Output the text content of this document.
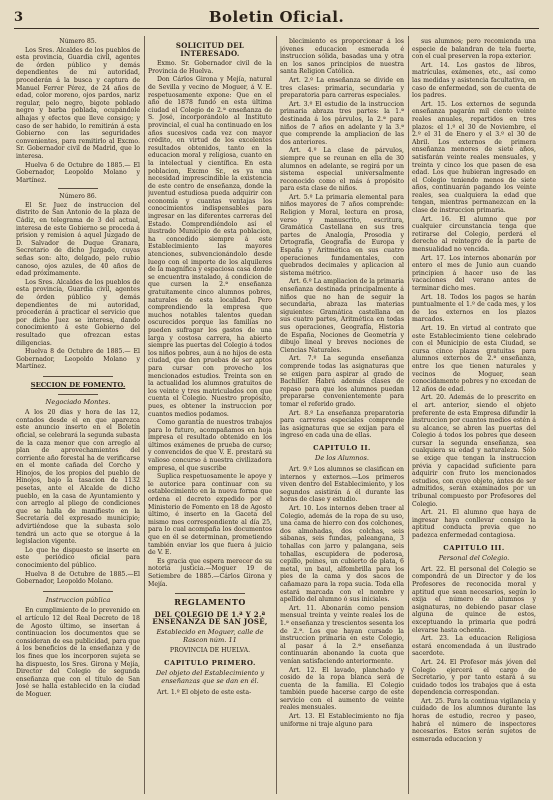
3	Boletin Oficial.

Número 85.

Los Sres. Alcaldes de los pueblos de esta provincia, Guardia civil, agentes de órden público y demás dependientes de mi autoridad, procederán á la busca y captura de Manuel Ferrer Pérez, de 24 años de edad, color moreno, ojos pardos, nariz regular, pelo negro, bigote poblado negro y barba poblada, ocupándole alhajas y efectos que lleve consigo; y caso de ser habido, lo remitirán á esta Gobierno con las seguridades convenientes, para remitirlo al Excmo. Sr. Gobernador civil de Madrid, que lo interesa.

Huelva 6 de Octubre de 1885.— El Gobernador, Leopoldo Molano y Martínez.

Número 86.

El Sr. Juez de instruccion del distrito de San Antonio de la plaza de Cádiz, en telegrama de 3 del actual, interesa de este Gobierno se proceda á prision y remision á aquel Juzgado de D. Salvador de Duque Granara, Secretario de dicho Juzgado, cuyas señas son: alto, delgado, pelo rubio canoso, ojos azules, de 40 años de edad próximamente.

Los Sres. Alcaldes de los pueblos de esta provincia, Guardia civil, agentes de órden público y demás dependientes de mi autoridad, procederán á practicar el servicio que por dicho Juez se interesa, dando conocimiento á este Gobierno del resultado que ofrezcan estas diligencias.

Huelva 8 de Octubre de 1885.— El Gobernador, Leopoldo Molano y Martínez.

SECCION DE FOMENTO.
Negociado Montes.

A los 20 dias y hora de las 12, contados desde el en que aparezca este anuncio inserto en el Boletín oficial, se celebrará la segunda subasta de la caza menor que con arreglo al plan de aprovechamientos del corriente año forestal ha de verificarse en el monte cañada del Corcho y Hinojos, de los propios del pueblo de Hinojos, bajo la tasacion de 1132 pesetas, ante el Alcalde de dicho pueblo, en la casa de Ayuntamiento y con arreglo al pliego de condiciones que se halla de manifiesto en la Secretaría del expresado municipio; advirtiéndose que la subasta solo tendrá un acto que se otorgue á la legislacion vigente.

Lo que he dispuesto se inserte en este periódico oficial para conocimiento del público.

Huelva 8 de Octubre de 1885.—El Gobernador, Leopoldo Molano.

Instruccion pública

En cumplimiento de lo prevenido en el artículo 12 del Real Decreto de 18 de Agosto último, se insertan á continuacion los documentos que se consideran de esa publicidad, para que á los beneficios de la enseñanza y de los fines que los incorporen sujeta se ha dispuesto, los Sres. Girona y Mejía, Director del Colegio de segunda enseñanza que con el título de San José se halla establecido en la ciudad de Moguer.

SOLICITUD DEL INTERESADO.

Exmo. Sr. Gobernador civil de la Provincia de Huelva.

Don Cárlos Girona y Mejía, natural de Sevilla y vecino de Moguer, á V. E. respetuosamente expone: Que en el año de 1878 fundó en esta última ciudad el Colegio de 2.ª enseñanza de S. José, incorporándolo al Instituto provincial, el cual ha continuado en los años sucesivos cada vez con mayor crédito, en virtud de los excelentes resultados obtenidos, tanto en la educacion moral y religiosa, cuanto en la intelectual y científica. En esta poblacion, Excmo Sr., es ya una necesidad imprescindible la existencia de este centro de enseñanza, donde la juventud estudiosa pueda adquirir con economía y cuantas ventajas los conocimientos indispensables para ingresar en las diferentes carreras del Estado. Comprendiéndolo así el ilustrado Municipio de esta poblacion, ha concedido siempre á este Establecimiento las mayores atenciones, subvencionándolo desde luego con el importe de los alquileres de la magnífica y espaciosa casa donde se encuentra instalado, á condicion de que cursen la 2.ª enseñanza gratuitamente cinco alumnos pobres, naturales de esta localidad. Pero comprendiendo la empresa que muchos notables talentos quedan oscurecidos porque las familias no pueden sufragar los gastos de una larga y costosa carrera, ha abierto siempre las puertas del Colegio á todos los niños pobres, aun á no hijos de esta ciudad, que den pruebas de ser aptos para cursar con provecho los mencionados estudios. Treinta son en la actualidad los alumnos gratuitos de los veinte y tres matriculados con que cuenta el Colegio. Nuestro propósito, pues, es obtener la instruccion por cuantos medios podamos.

Como garantía de nuestros trabajos para lo futuro, acompañamos en hoja impresa el resultado obtenido en los últimos exámenes de prueba de curso; y convencidos de que V. E. prestará su valioso concurso á nuestra civilizadora empresa, el que suscribe

Suplica respetuosamente le apoye y le autorice para continuar con su establecimiento en la nueva forma que ordena el decreto expedido por el Ministerio de Fomento en 18 de Agosto último, é inserto en la Gaceta del mismo mes correspondiente al día 25, para lo cual acompaña los documentos que en él se determinan, prometiendo también enviar los que fuera á juicio de V. E.

Es gracia que espera merecer de su notoria justicia.—Moguer 19 de Setiembre de 1885.—Cárlos Girona y Mejía.

REGLAMENTO
DEL COLEGIO DE 1.ª Y 2.ª ENSEÑANZA DE SAN JOSÉ,
Establecido en Moguer, calle de Rascon núm. 11

PROVINCIA DE HUELVA.

CAPITULO PRIMERO.
Del objeto del Establecimiento y enseñanzas que se dan en él.

Art. 1.º El objeto de este esta-

blecimiento es proporcionar á los jóvenes educacion esmerada é instruccion sólida, basadas una y otra en los sanos principios de nuestra santa Religion Católica.

Art. 2.º La enseñanza se divide en tres clases: primaria, secundaria y preparatoria para carreras especiales.

Art. 3.º El estudio de la instruccion primaria abraza tres partes: la 1.ª destinada á los párvulos, la 2.ª para niños de 7 años en adelante y la 3.ª que comprende la ampliacion de las dos anteriores.

Art. 4.º La clase de párvulos, siempre que se reunan en ella de 30 alumnos en adelante, se regirá por un sistema especial universalmente reconocido como el más á propósito para esta clase de niños.

Art. 5.º La primaria elemental para niños mayores de 7 años comprende: Religion y Moral, lectura en prosa, verso y manuscrito, escritura, Gramática Castellana en sus tres partes de Analogía, Prosodia y Ortografía, Geografía de Europa y España y Aritmética en sus cuatro operaciones fundamentales, con quebrados decimales y aplicacion al sistema métrico.

Art. 6.º La ampliacion de la primaria enseñanza destinada principalmente á niños que no han de seguir la secundaria, abraza las materias siguientes: Gramática castellana en sus cuatro partes, Aritmética en todas sus operaciones, Geografía, Historia de España, Nociones de Geometría y dibujo lineal y breves nociones de Ciencias Naturales.

Art. 7.º La segunda enseñanza comprende todas las asignaturas que se exigen para aspirar al grado de Bachiller. Habrá además clases de repaso para que los alumnos puedan prepararse convenientemente para tomar el referido grado.

Art. 8.º La enseñanza preparatoria para carreras especiales comprende las asignaturas que se exijan para el ingreso en cada una de ellas.

CAPITULO II.
De los Alumnos.

Art. 9.º Los alumnos se clasifican en internos y externos.—Los primeros viven dentro del Establecimiento, y los segundos asistirán á él durante las horas de clase y estudio.

Art. 10. Los internos deben traer al Colegio, además de la ropa de su uso, una cama de hierro con dos colchones, dos almohadas, dos colchas, seis sábanas, seis fundas, paleangana, 3 tohallas con jarro y palangana, seis tohallas, escupidera de poderosa, cepillo, peines, un cubierto de plata, 6 metal, un baul, alfombrilla para los pies de la cama y dos sacos de cañamazo para la ropa sucia. Toda ella estará marcada con el nombre y apellido del alumno ó sus iniciales.

Art. 11. Abonarán como pension mensual treinta y veinte reales los de 1.ª enseñanza y trescientos sesenta los de 2.ª. Los que hayan cursado la instruccion primaria en este Colegio, al pasar á la 2.ª enseñanza continuarán abonando la cuota que venían satisfaciendo anteriormente.

Art. 12. El lavado, planchado y cosido de la ropa blanca será de cuenta de la familia. El Colegio también puede hacerse cargo de este servicio con el aumento de veinte reales mensuales.

Art. 13. El Establecimiento no fija uniforme ni traje alguno para

sus alumnos; pero recomienda una especie de balandran de tela fuerte, con el cual preserven la ropa exterior.

Art. 14. Los gastos de libros, matrículas, exámenes, etc., así como las medidas y asistencia facultativa, en caso de enfermedad, son de cuenta de los padres.

Art. 15. Los externos de segunda enseñanza pagarán mil ciento veinte reales anuales, repartidos en tres plazos: el 1.º el 30 de Noviembre, el 2.º el 31 de Enero y el 3.º el 30 de Abril. Los externos de primera enseñanza menores de siete años, satisfarán veinte reales mensuales, y treinta y cinco los que pasen de esa edad. Los que hubieran ingresado en el Colegio teniendo menos de siete años, continuarán pagando los veinte reales, sea cualquiera la edad que tengan, mientras permanezcan en la clase de instruccion primaria.

Art. 16. El alumno que por cualquier circunstancia tenga que retirarse del Colegio, perderá el derecho al reintegro de la parte de mensualidad no vencida.

Art. 17. Los internos abonarán por entero el mes de Junio aun cuando principien á hacer uso de las vacaciones del verano antes de terminar dicho mes.

Art. 18. Todos los pagos se harán puntualmente el 1.º de cada mes, y los de los externos en los plazos marcados.

Art. 19. En virtud al contrato que este Establecimiento tiene celebrado con el Municipio de esta Ciudad, se cursa cinco plazas gratuitas para alumnos externos de 2.ª enseñanza, entre los que tienen naturales y vecinos de Moguer, sean conocidamente pobres y no excedan de 12 años de edad.

Art. 20. Además de lo prescrito en el art. anterior, siendo el objeto preferente de esta Empresa difundir la instruccion por cuantos medios estén á su alcance, se abren las puertas del Colegio á todos los pobres que deseen cursar la segunda enseñanza, sea cualquiera su edad y naturaleza. Sólo se exige que tengan la instruccion prévia y capacidad suficiente para adquirir con fruto los mencionados estudios, con cuyo objeto, ántes de ser admitidos, serán examinados por un tribunal compuesto por Profesores del Colegio.

Art. 21. El alumno que haya de ingresar haya conllevar consigo la aptitud conducta previa que no padezca enfermedad contagiosa.

CAPITULO III.
Personal del Colegio.

Art. 22. El personal del Colegio se compondrá de un Director y de los Profesores de reconocida moral y aptitud que sean necesarios, según lo exija el número de alumnos y asignaturas, no debiendo pasar clase alguna de quince de estos, exceptuando la primaria que podrá elevarse hasta ochenta.

Art. 23. La educacion Religiosa estará encomendada á un ilustrado sacerdote.

Art. 24. El Profesor más jóven del Colegio ejercerá el cargo de Secretario, y por tanto estará á su cuidado todos los trabajos que á esta dependencia correspondan.

Art. 25. Para la contínua vigilancia y cuidado de los alumnos durante las horas de estudio, recreo y paseo, habrá el número de inspectores necesarios. Estos serán sujetos de esmerada educacion y
